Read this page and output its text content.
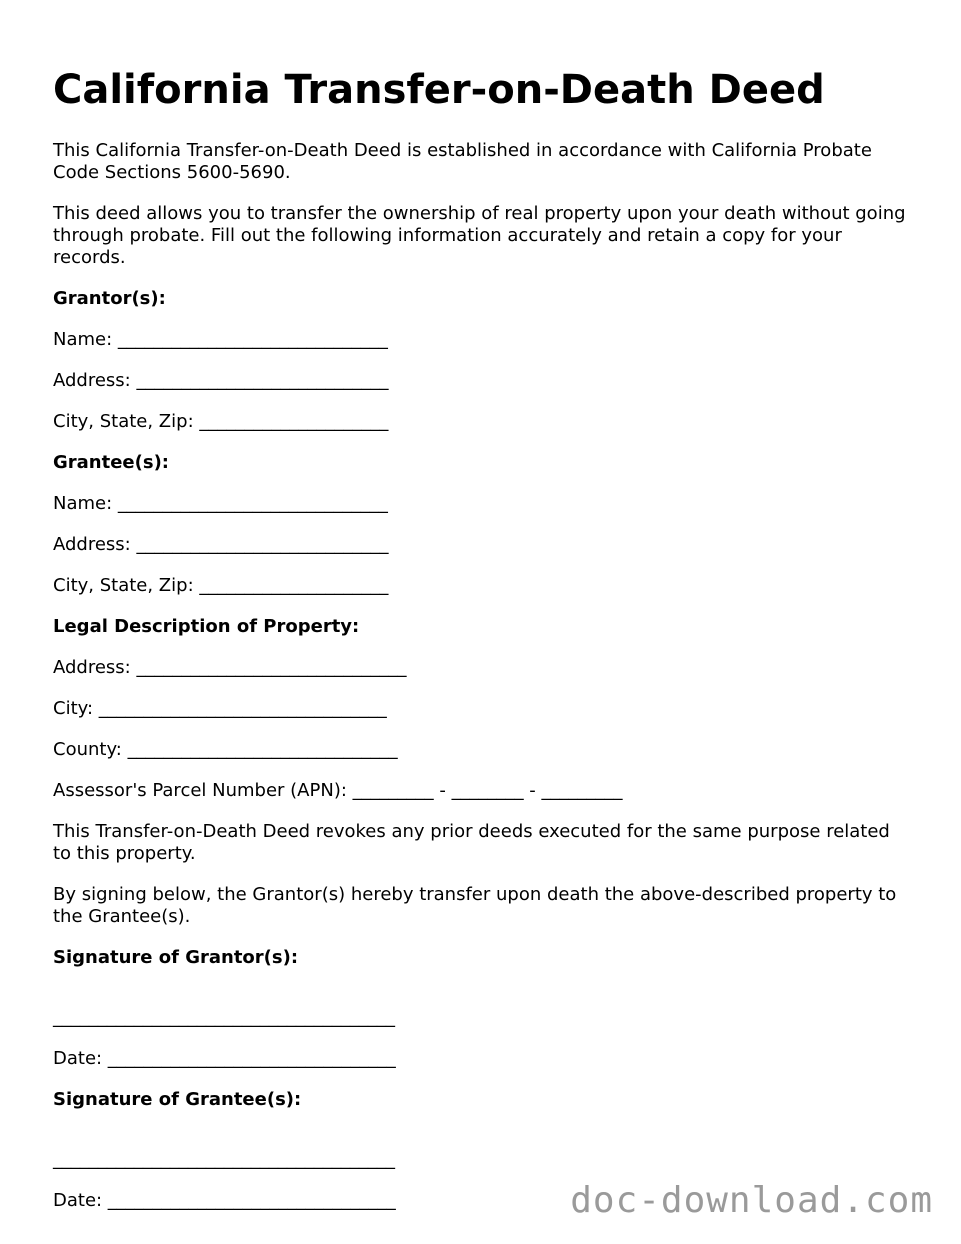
California Transfer-on-Death Deed

This California Transfer-on-Death Deed is established in accordance with California Probate Code Sections 5600-5690.

This deed allows you to transfer the ownership of real property upon your death without going through probate. Fill out the following information accurately and retain a copy for your records.

Grantor(s):
Name: ______________________________
Address: ____________________________
City, State, Zip: _____________________
Grantee(s):
Name: ______________________________
Address: ____________________________
City, State, Zip: _____________________
Legal Description of Property:
Address: ______________________________
City: ________________________________
County: ______________________________
Assessor's Parcel Number (APN): _________ - ________ - _________

This Transfer-on-Death Deed revokes any prior deeds executed for the same purpose related to this property.

By signing below, the Grantor(s) hereby transfer upon death the above-described property to the Grantee(s).

Signature of Grantor(s):
______________________________________
Date: ________________________________
Signature of Grantee(s):
______________________________________
Date: ________________________________	doc-download.com
